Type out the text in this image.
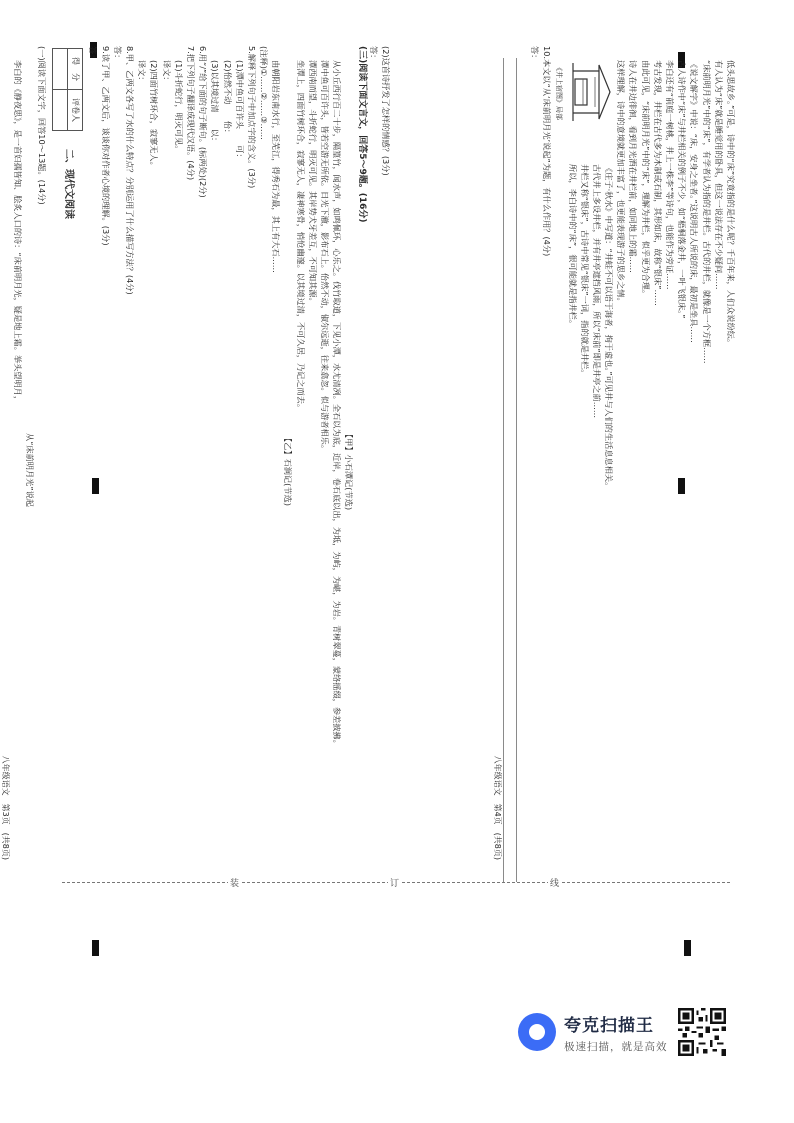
(2)这首诗抒发了怎样的情感？(3分)
答：
(三)阅读下面文言文，回答5～9题。(16分)
【甲】小石潭记(节选)
从小丘西行百二十步，隔篁竹，闻水声，如鸣佩环，心乐之。伐竹取道，下见小潭，水尤清冽。全石以为底，近岸，卷石底以出，为坻，为屿，为嵁，为岩。青树翠蔓，蒙络摇缀，参差披拂。
潭中鱼可百许头，皆若空游无所依。日光下澈，影布石上。佁然不动，俶尔远逝，往来翕忽。似与游者相乐。
潭西南而望，斗折蛇行，明灭可见。其岸势犬牙差互，不可知其源。
坐潭上，四面竹树环合，寂寥无人，凄神寒骨，悄怆幽邃。以其境过清，不可久居，乃记之而去。
【乙】石涧记(节选)
由朝阳岩东南水行，至芜江，得秀石为最，其上有大石……
(注释)①……②……③……
5.解释下列句子中加点字的含义。(3分)
(1)潭中鱼可百许头　　可：
(2)佁然不动　　佁：
(3)以其境过清　　以：
6.用“/”给下面的句子断句。(标两处)(2分)
7.把下列句子翻译成现代汉语。(4分)
(1)斗折蛇行，明灭可见。
译文：
(2)四面竹树环合，寂寥无人。
译文：
8.甲、乙两文各写了水的什么特点？分别运用了什么描写方法？(4分)
答：
9.读了甲、乙两文后，谈谈你对作者心境的理解。(3分)
答：
得　分	评卷人

二、现代文阅读
(一)阅读下面文字，回答10～13题。(14分)
从“床前明月光”说起
李白的《静夜思》，是一首妇孺皆知、脍炙人口的诗：“床前明月光，疑是地上霜。举头望明月，
八年级语文　第3页　(共8页)
低头思故乡。”可是，诗中的“床”究竟指的是什么呢？千百年来，人们众说纷纭。
有人认为“床”就是睡觉用的卧具，但这一说法存在不少疑问……
“床前明月光”中的“床”，有学者认为指的是井栏。古代的井栏，就像是一个方框……
《说文解字》中说：“床，安身之坐者。”这说明古人所说的床，最初是坐具……
古人诗作中“床”与井栏相关的例子不少，如“梧桐落金井，一叶飞银床。”
李白还有“前庭一树桃，井上一株李”等诗句，也能作为旁证……
考古发现，井栏在古代多为木制或石制，其形如床，故称“银床”……
由此可见，“床前明月光”中的“床”，理解为井栏，似乎更为合理。
诗人在井边徘徊，看到月光洒在井栏前，如同地上的霜……
这样理解，诗中的意境就更加丰富了，也更能表现游子的思乡之情。
《井上宿图》局部
《庄子·秋水》中写道：“井蛙不可以语于海者，拘于虚也。”可见井与人们的生活息息相关。
古代井上多设井栏，并有井亭遮挡风雨，所以“床前”即是井亭之前……
井栏又称“银床”，古诗中常见“银床”一词，指的就是井栏。
所以，李白诗中的“床”，很可能就是指井栏。
10.本文以“从‘床前明月光’说起”为题，有什么作用？(4分)
答：
八年级语文　第4页　(共8页)
装	订	线
夸克扫描王
极速扫描，就是高效
